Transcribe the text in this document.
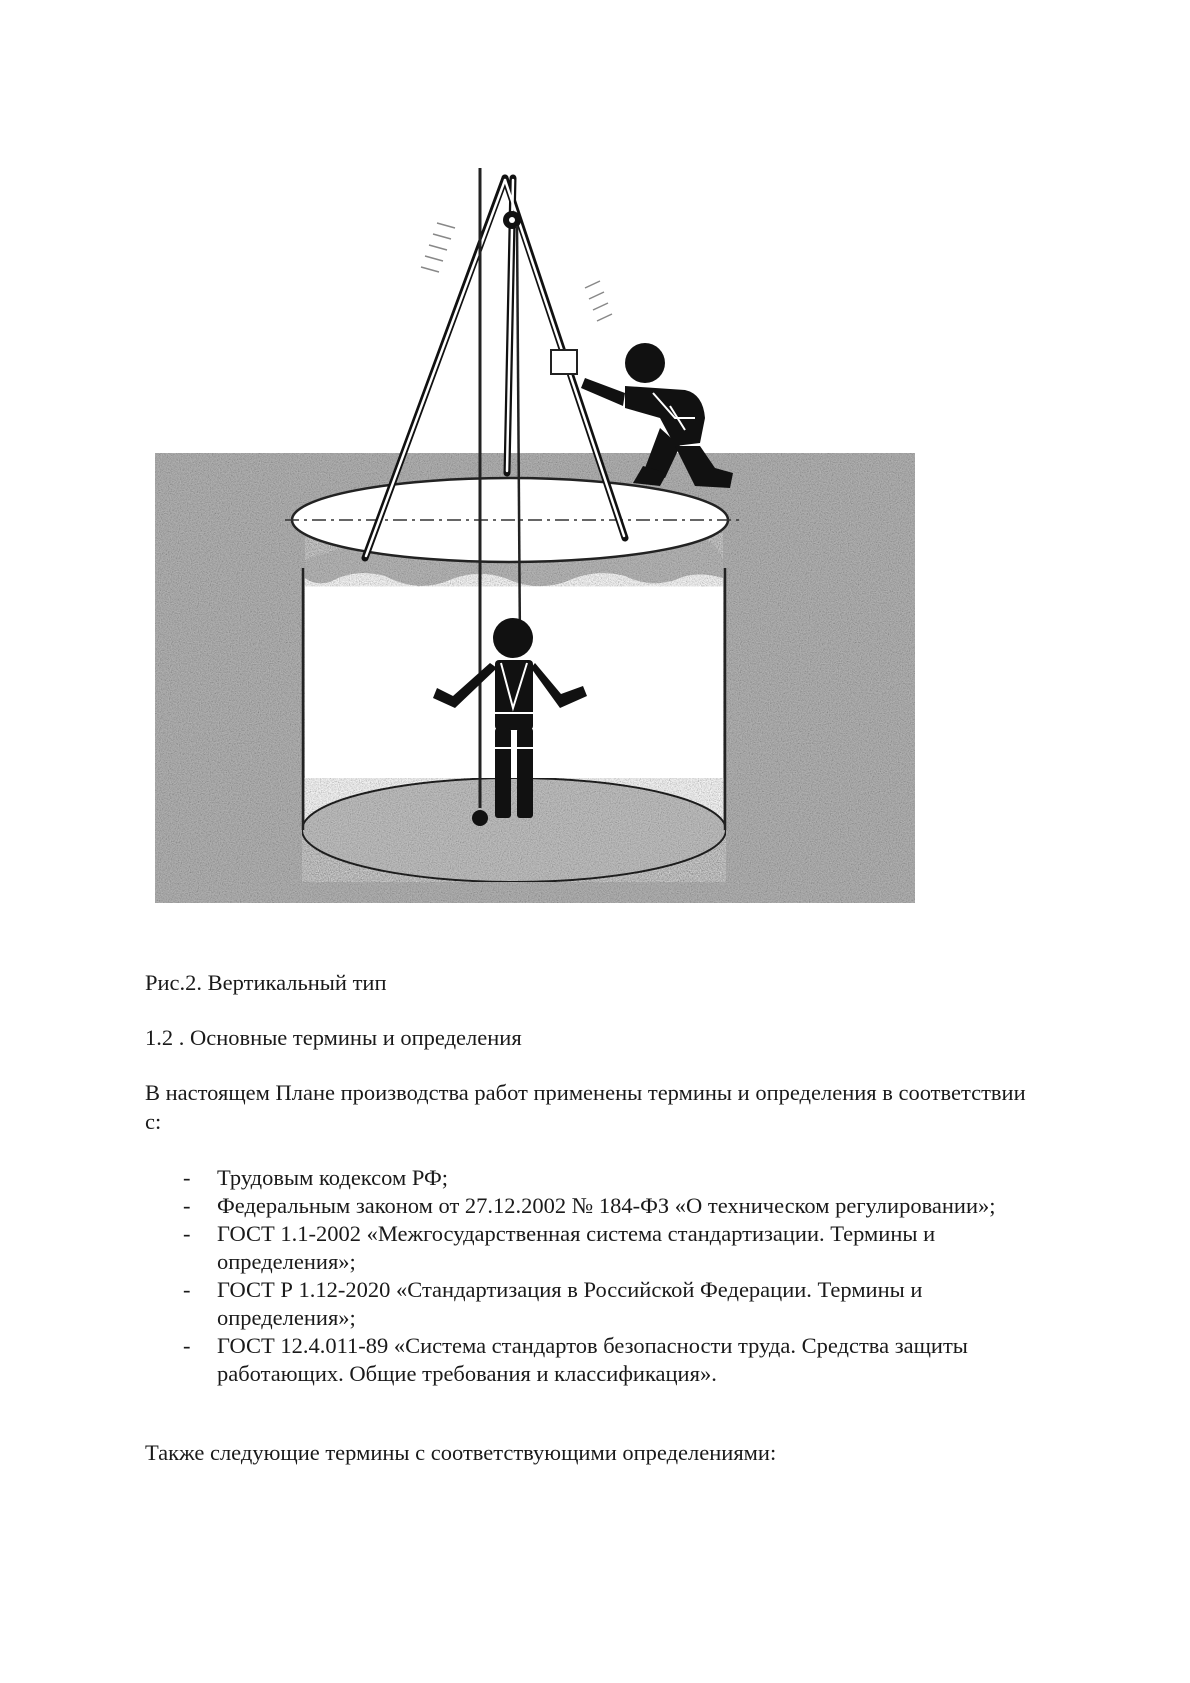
Рис.2. Вертикальный тип
1.2 . Основные термины и определения
В настоящем Плане производства работ применены термины и определения в соответствии с:
- Трудовым кодексом РФ;
- Федеральным законом от 27.12.2002 № 184-ФЗ «О техническом регулировании»;
- ГОСТ 1.1-2002 «Межгосударственная система стандартизации. Термины и определения»;
- ГОСТ Р 1.12-2020 «Стандартизация в Российской Федерации. Термины и определения»;
- ГОСТ 12.4.011-89 «Система стандартов безопасности труда. Средства защиты работающих. Общие требования и классификация».
Также следующие термины с соответствующими определениями:
